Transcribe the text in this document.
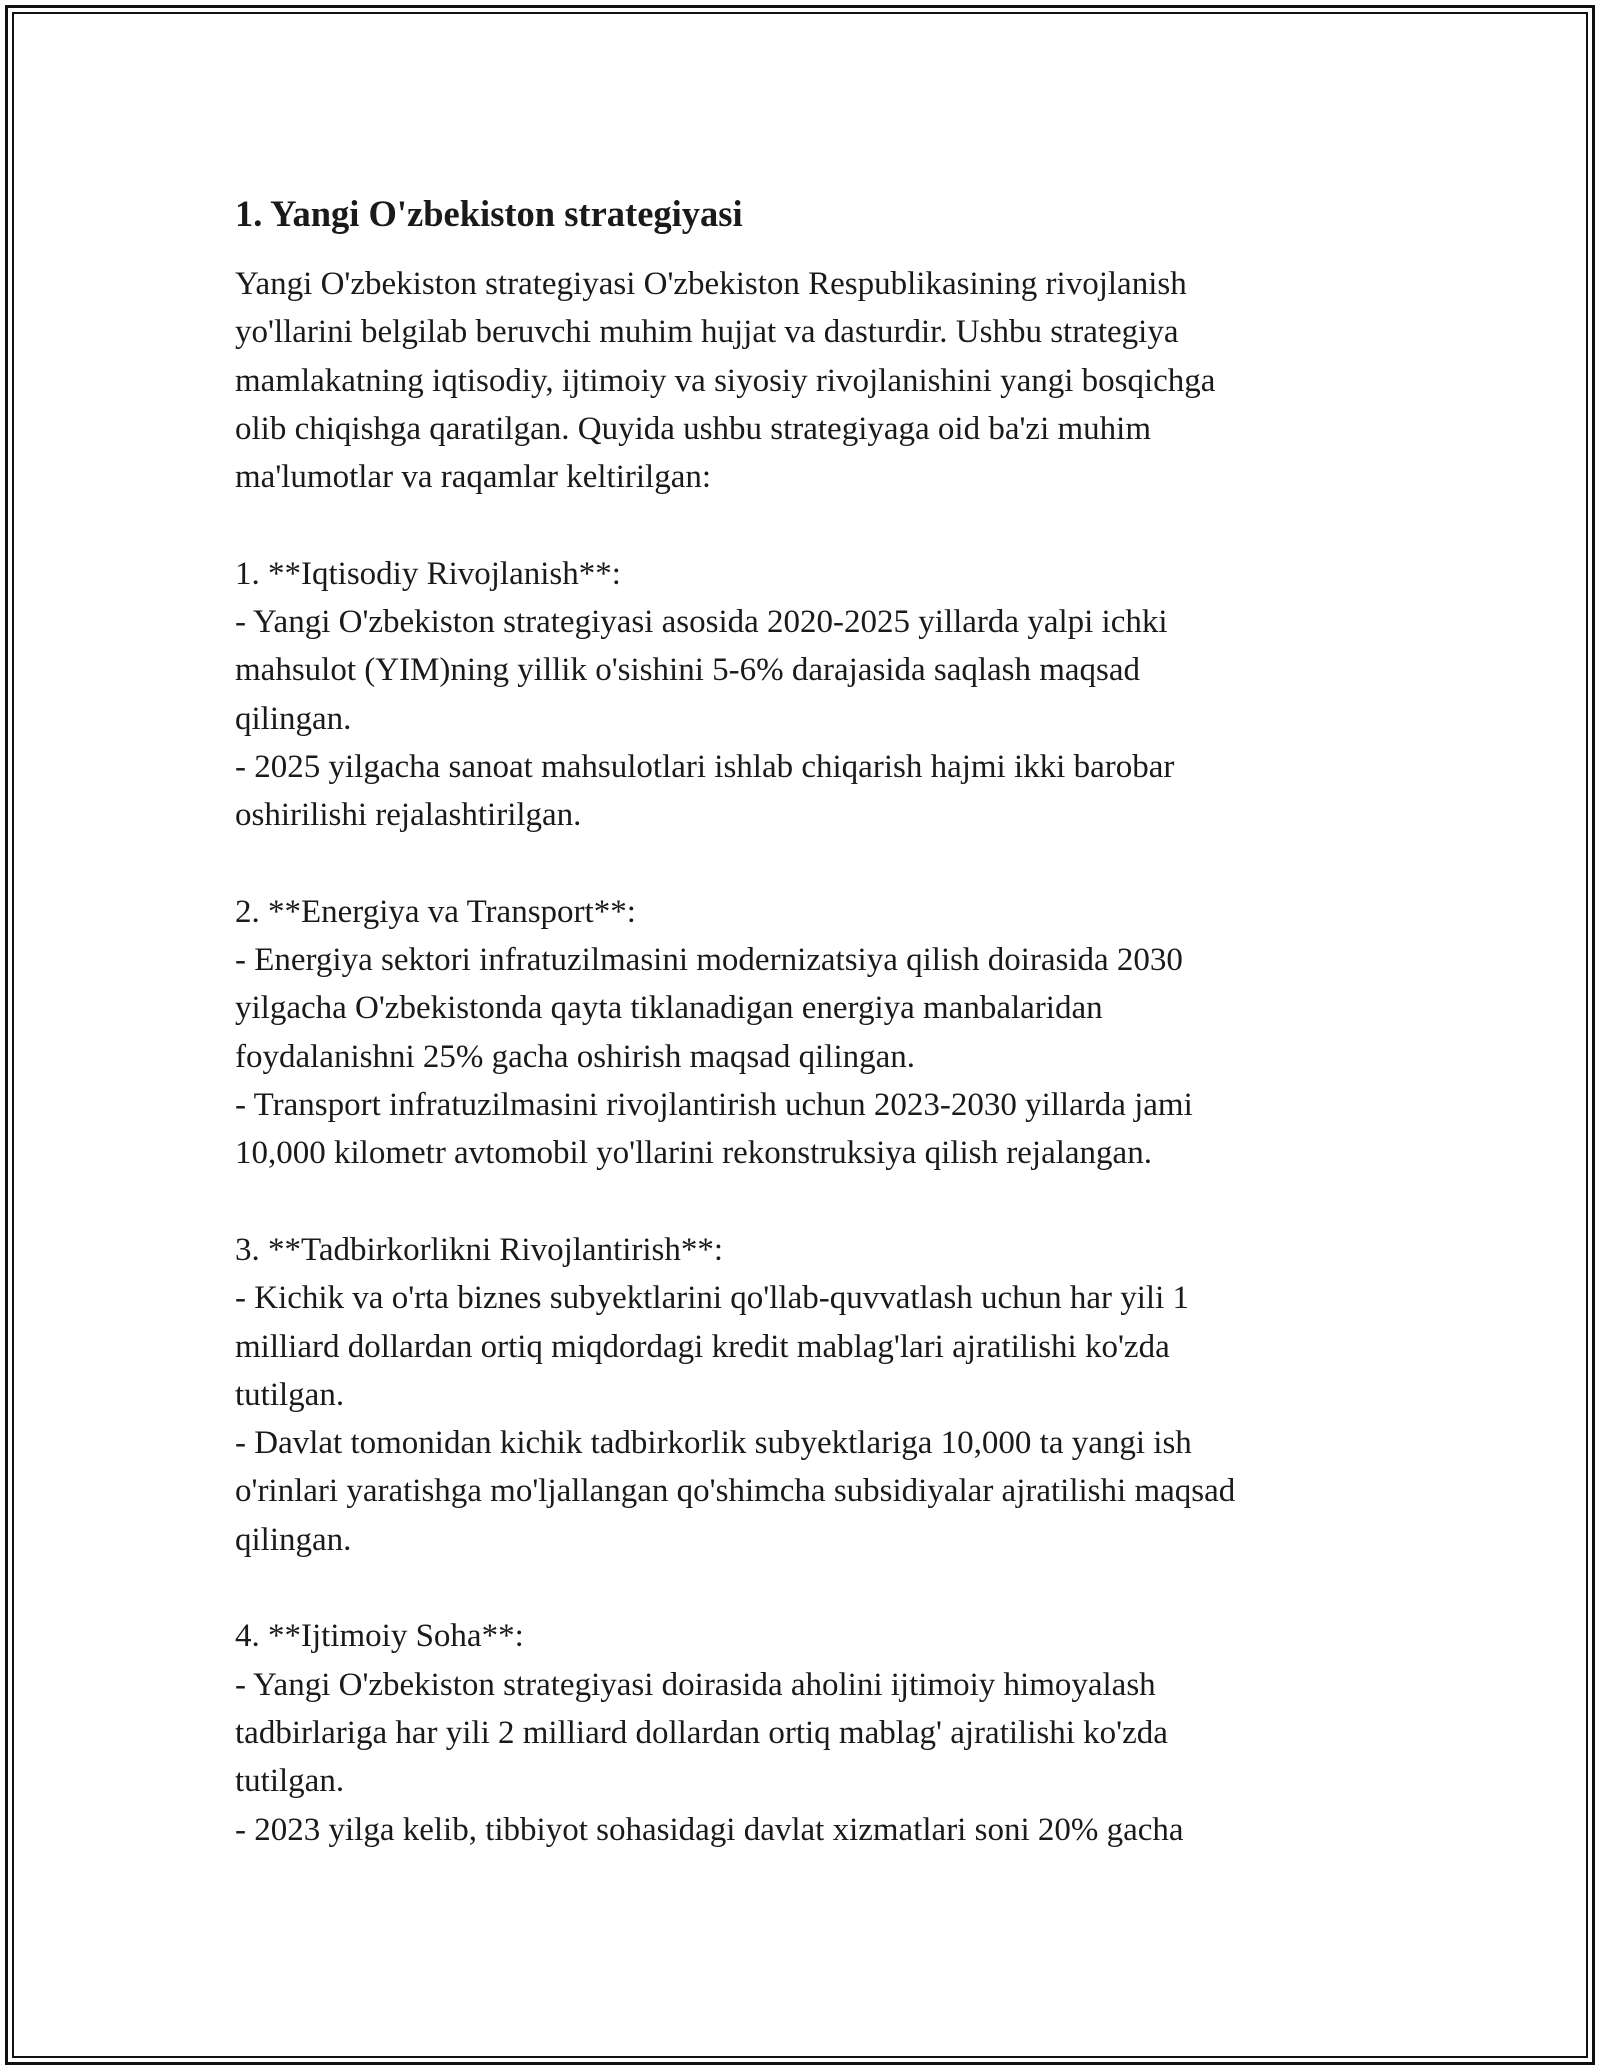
1. Yangi O'zbekiston strategiyasi

Yangi O'zbekiston strategiyasi O'zbekiston Respublikasining rivojlanish
yo'llarini belgilab beruvchi muhim hujjat va dasturdir. Ushbu strategiya
mamlakatning iqtisodiy, ijtimoiy va siyosiy rivojlanishini yangi bosqichga
olib chiqishga qaratilgan. Quyida ushbu strategiyaga oid ba'zi muhim
ma'lumotlar va raqamlar keltirilgan:

1. **Iqtisodiy Rivojlanish**:
- Yangi O'zbekiston strategiyasi asosida 2020-2025 yillarda yalpi ichki
mahsulot (YIM)ning yillik o'sishini 5-6% darajasida saqlash maqsad
qilingan.
- 2025 yilgacha sanoat mahsulotlari ishlab chiqarish hajmi ikki barobar
oshirilishi rejalashtirilgan.

2. **Energiya va Transport**:
- Energiya sektori infratuzilmasini modernizatsiya qilish doirasida 2030
yilgacha O'zbekistonda qayta tiklanadigan energiya manbalaridan
foydalanishni 25% gacha oshirish maqsad qilingan.
- Transport infratuzilmasini rivojlantirish uchun 2023-2030 yillarda jami
10,000 kilometr avtomobil yo'llarini rekonstruksiya qilish rejalangan.

3. **Tadbirkorlikni Rivojlantirish**:
- Kichik va o'rta biznes subyektlarini qo'llab-quvvatlash uchun har yili 1
milliard dollardan ortiq miqdordagi kredit mablag'lari ajratilishi ko'zda
tutilgan.
- Davlat tomonidan kichik tadbirkorlik subyektlariga 10,000 ta yangi ish
o'rinlari yaratishga mo'ljallangan qo'shimcha subsidiyalar ajratilishi maqsad
qilingan.

4. **Ijtimoiy Soha**:
- Yangi O'zbekiston strategiyasi doirasida aholini ijtimoiy himoyalash
tadbirlariga har yili 2 milliard dollardan ortiq mablag' ajratilishi ko'zda
tutilgan.
- 2023 yilga kelib, tibbiyot sohasidagi davlat xizmatlari soni 20% gacha
